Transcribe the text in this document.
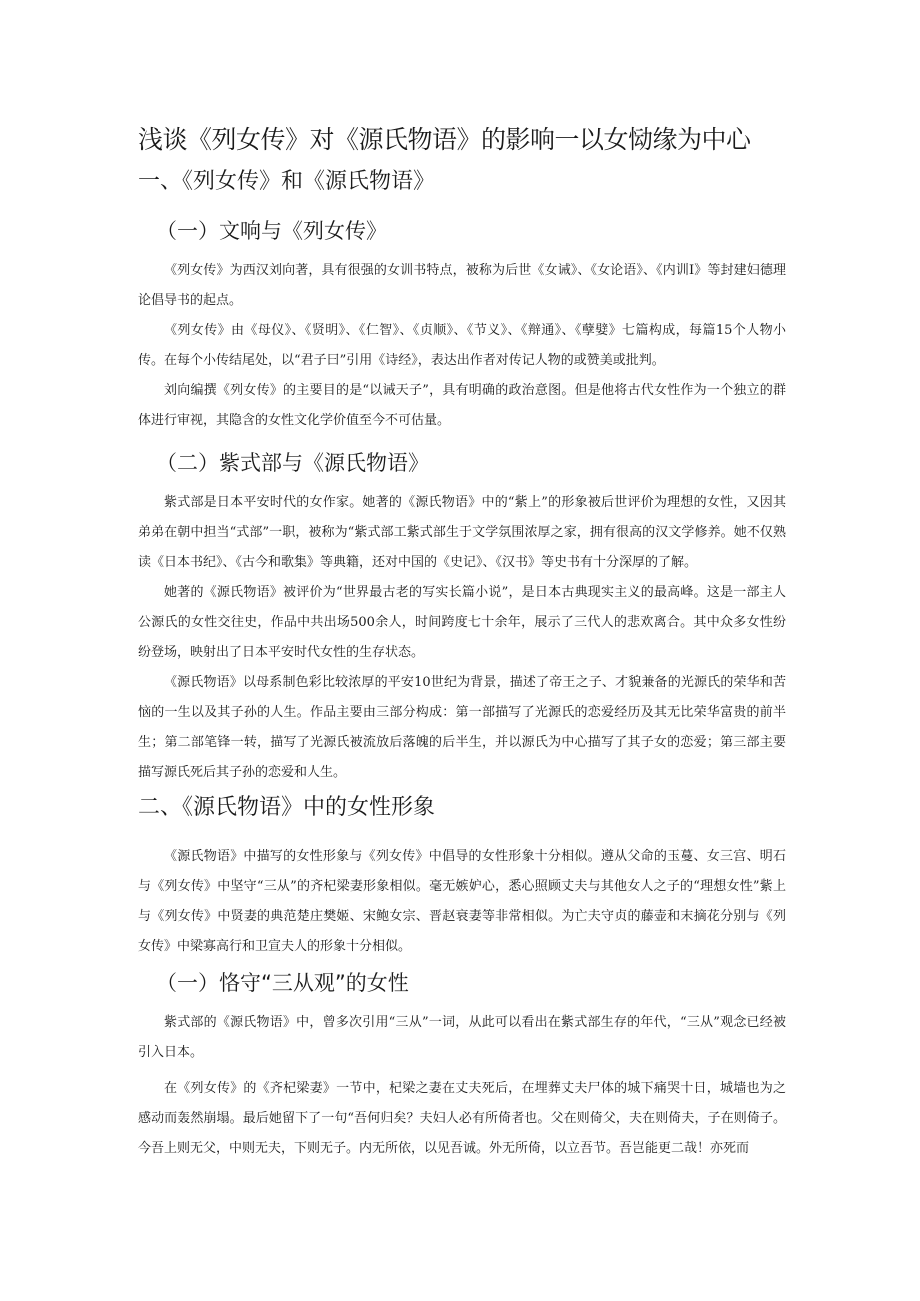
浅谈《列女传》对《源氏物语》的影响一以女恸缘为中心
一、《列女传》和《源氏物语》
（一）文响与《列女传》

《列女传》为西汉刘向著，具有很强的女训书特点，被称为后世《女诫》、《女论语》、《内训Ⅰ》等封建妇德理论倡导书的起点。

《列女传》由《母仪》、《贤明》、《仁智》、《贞顺》、《节义》、《辩通》、《孽嬖》七篇构成，每篇15个人物小传。在每个小传结尾处，以“君子曰”引用《诗经》，表达出作者对传记人物的或赞美或批判。

刘向编撰《列女传》的主要目的是“以诫天子”，具有明确的政治意图。但是他将古代女性作为一个独立的群体进行审视，其隐含的女性文化学价值至今不可估量。

（二）紫式部与《源氏物语》

紫式部是日本平安时代的女作家。她著的《源氏物语》中的“紫上”的形象被后世评价为理想的女性，又因其弟弟在朝中担当“式部”一职，被称为“紫式部工紫式部生于文学氛围浓厚之家，拥有很高的汉文学修养。她不仅熟读《日本书纪》、《古今和歌集》等典籍，还对中国的《史记》、《汉书》等史书有十分深厚的了解。

她著的《源氏物语》被评价为“世界最古老的写实长篇小说”，是日本古典现实主义的最高峰。这是一部主人公源氏的女性交往史，作品中共出场500余人，时间跨度七十余年，展示了三代人的悲欢离合。其中众多女性纷纷登场，映射出了日本平安时代女性的生存状态。

《源氏物语》以母系制色彩比较浓厚的平安10世纪为背景，描述了帝王之子、才貌兼备的光源氏的荣华和苦恼的一生以及其子孙的人生。作品主要由三部分构成：第一部描写了光源氏的恋爱经历及其无比荣华富贵的前半生；第二部笔锋一转，描写了光源氏被流放后落魄的后半生，并以源氏为中心描写了其子女的恋爱；第三部主要描写源氏死后其子孙的恋爱和人生。

二、《源氏物语》中的女性形象

《源氏物语》中描写的女性形象与《列女传》中倡导的女性形象十分相似。遵从父命的玉蔓、女三宫、明石与《列女传》中坚守“三从”的齐杞梁妻形象相似。毫无嫉妒心，悉心照顾丈夫与其他女人之子的“理想女性”紫上与《列女传》中贤妻的典范楚庄樊姬、宋鲍女宗、晋赵衰妻等非常相似。为亡夫守贞的藤壶和末摘花分别与《列女传》中梁寡高行和卫宣夫人的形象十分相似。

（一）恪守“三从观”的女性

紫式部的《源氏物语》中，曾多次引用“三从”一词，从此可以看出在紫式部生存的年代，“三从”观念已经被引入日本。

在《列女传》的《齐杞梁妻》一节中，杞梁之妻在丈夫死后，在埋葬丈夫尸体的城下痛哭十日，城墙也为之感动而轰然崩塌。最后她留下了一句“吾何归矣？夫妇人必有所倚者也。父在则倚父，夫在则倚夫，子在则倚子。今吾上则无父，中则无夫，下则无子。内无所依，以见吾诚。外无所倚，以立吾节。吾岂能更二哉！亦死而
